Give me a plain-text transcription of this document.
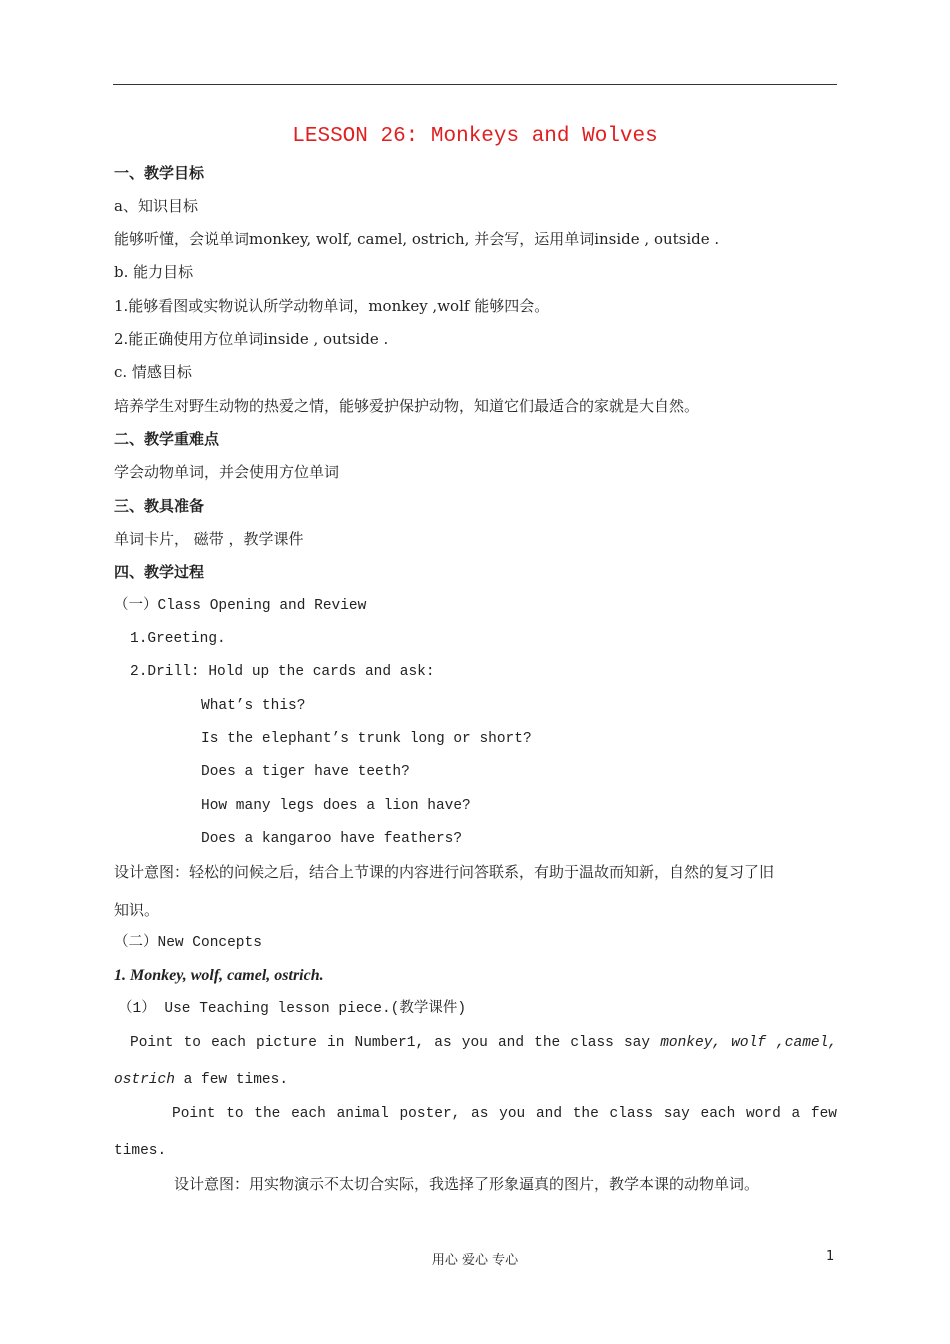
LESSON 26: Monkeys and Wolves
一、教学目标
a、知识目标
能够听懂，会说单词monkey, wolf, camel, ostrich, 并会写，运用单词inside , outside .
b. 能力目标
1.能够看图或实物说认所学动物单词，monkey ,wolf 能够四会。
2.能正确使用方位单词inside , outside .
c. 情感目标
培养学生对野生动物的热爱之情，能够爱护保护动物，知道它们最适合的家就是大自然。
二、教学重难点
学会动物单词，并会使用方位单词
三、教具准备
单词卡片， 磁带 ，教学课件
四、教学过程
（一）Class Opening and Review
1.Greeting.
2.Drill: Hold up the cards and ask:
What’s this?
Is the elephant’s trunk long or short?
Does a tiger have teeth?
How many legs does a lion have?
Does a kangaroo have feathers?
设计意图：轻松的问候之后，结合上节课的内容进行问答联系，有助于温故而知新，自然的复习了旧
知识。
（二）New Concepts
1. Monkey, wolf, camel, ostrich.
（1） Use Teaching lesson piece.(教学课件)
Point to each picture in Number1, as you and the class say monkey, wolf ,camel,
ostrich a few times.
Point to the each animal poster, as you and the class say each word a few
times.
设计意图：用实物演示不太切合实际，我选择了形象逼真的图片，教学本课的动物单词。
用心 爱心 专心	1
